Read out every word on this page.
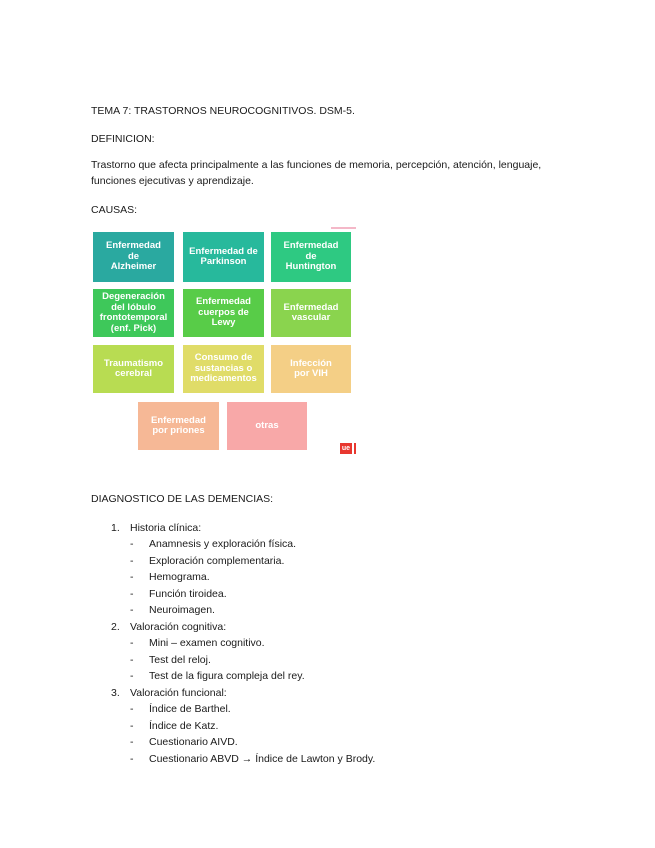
TEMA 7: TRASTORNOS NEUROCOGNITIVOS. DSM-5.
DEFINICION:
Trastorno que afecta principalmente a las funciones de memoria, percepción, atención, lenguaje, funciones ejecutivas y aprendizaje.
CAUSAS:
Enfermedad
de
Alzheimer
Enfermedad de
Parkinson
Enfermedad
de
Huntington
Degeneración
del lóbulo
frontotemporal
(enf. Pick)
Enfermedad
cuerpos de
Lewy
Enfermedad
vascular
Traumatismo
cerebral
Consumo de
sustancias o
medicamentos
Infección
por VIH
Enfermedad
por priones	otras
ue
DIAGNOSTICO DE LAS DEMENCIAS:
1. Historia clínica:
- Anamnesis y exploración física.
- Exploración complementaria.
- Hemograma.
- Función tiroidea.
- Neuroimagen.
2. Valoración cognitiva:
- Mini – examen cognitivo.
- Test del reloj.
- Test de la figura compleja del rey.
3. Valoración funcional:
- Índice de Barthel.
- Índice de Katz.
- Cuestionario AIVD.
- Cuestionario ABVD → Índice de Lawton y Brody.
